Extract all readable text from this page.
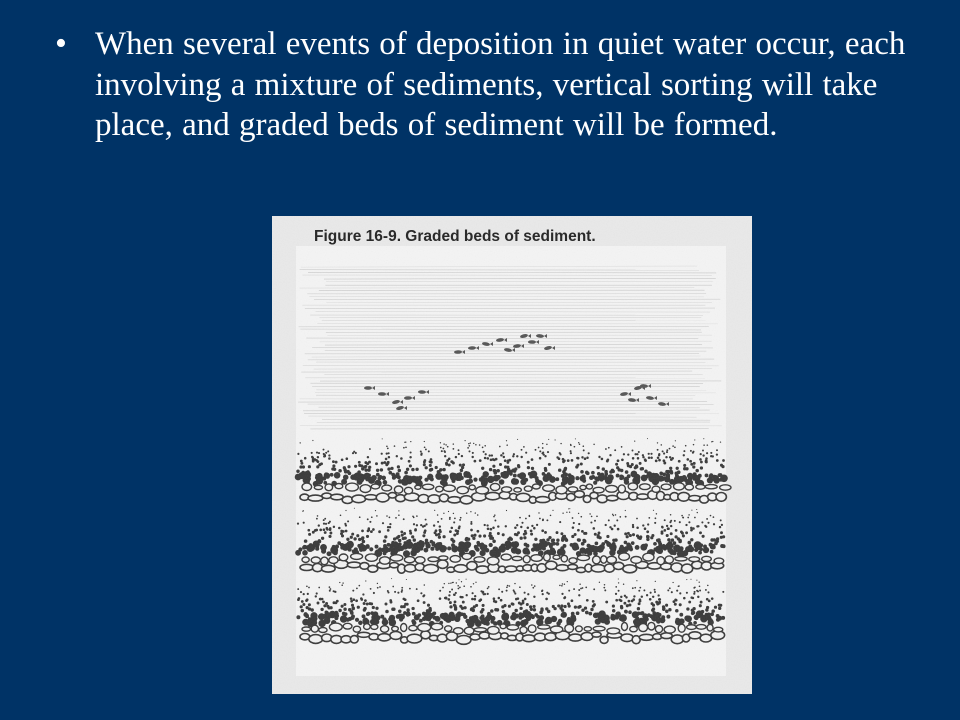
• When several events of deposition in quiet water occur, each involving a mixture of sediments, vertical sorting will take place, and graded beds of sediment will be formed.
Figure 16-9. Graded beds of sediment.
